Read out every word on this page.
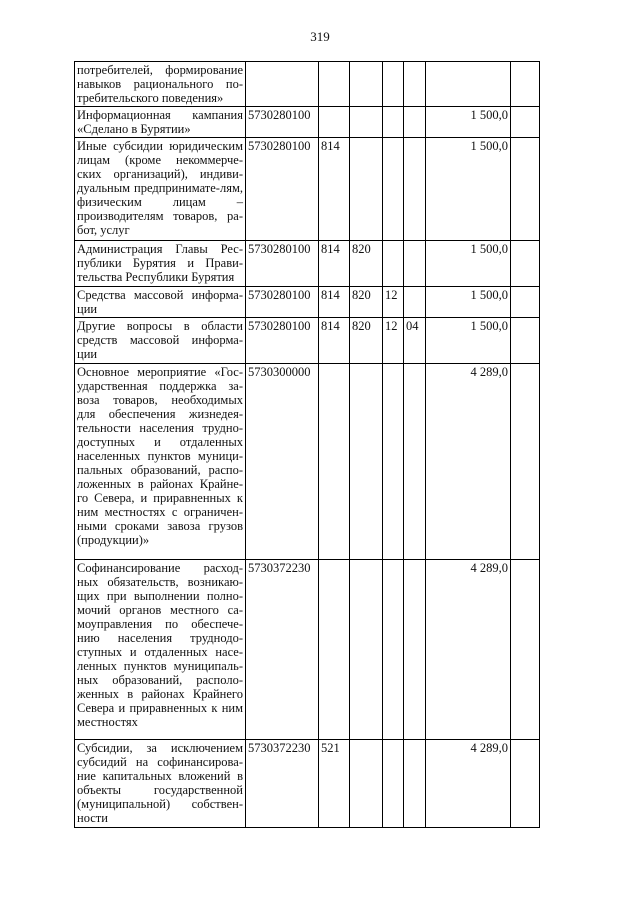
319
потребителей, формирование навыков рационального по-требительского поведения»							
Информационная кампания «Сделано в Бурятии»	5730280100					1 500,0	
Иные субсидии юридическим лицам (кроме некоммерче-ских организаций), индиви-дуальным предпринимате-лям, физическим лицам – производителям товаров, ра-бот, услуг	5730280100	814				1 500,0	
Администрация Главы Рес-публики Бурятия и Прави-тельства Республики Бурятия	5730280100	814	820			1 500,0	
Средства массовой информа-ции	5730280100	814	820	12		1 500,0	
Другие вопросы в области средств массовой информа-ции	5730280100	814	820	12	04	1 500,0	
Основное мероприятие «Гос-ударственная поддержка за-воза товаров, необходимых для обеспечения жизнедея-тельности населения трудно-доступных и отдаленных населенных пунктов муници-пальных образований, распо-ложенных в районах Крайне-го Севера, и приравненных к ним местностях с ограничен-ными сроками завоза грузов (продукции)»	5730300000					4 289,0	
Софинансирование расход-ных обязательств, возникаю-щих при выполнении полно-мочий органов местного са-моуправления по обеспече-нию населения труднодо-ступных и отдаленных насе-ленных пунктов муниципаль-ных образований, располо-женных в районах Крайнего Севера и приравненных к ним местностях	5730372230					4 289,0	
Субсидии, за исключением субсидий на софинансирова-ние капитальных вложений в объекты государственной (муниципальной) собствен-ности	5730372230	521				4 289,0	
